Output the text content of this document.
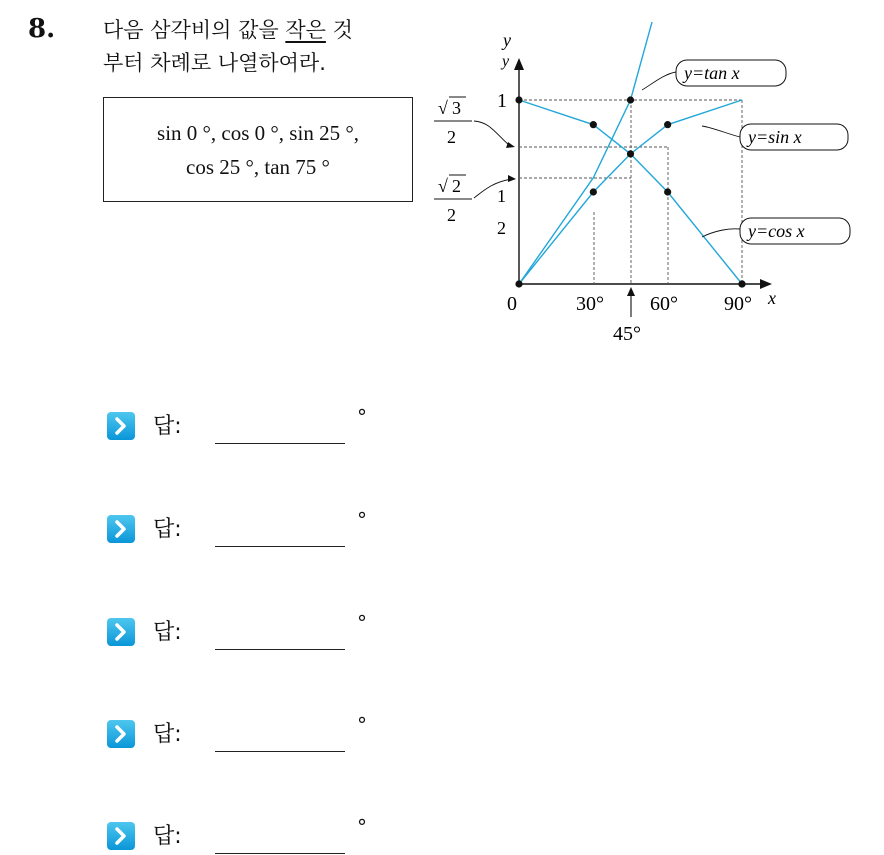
8. 다음 삼각비의 값을 작은 것
부터 차례로 나열하여라.
sin 0 °, cos 0 °, sin 25 °,
cos 25 °, tan 75 °
y
y
x
0	30° 60° 90°
45°
1
√ 3
2
√ 2
2
1
2
y=tan x
y=sin x
y=cos x
답:	°
답:	°
답:	°
답:	°
답:	°
